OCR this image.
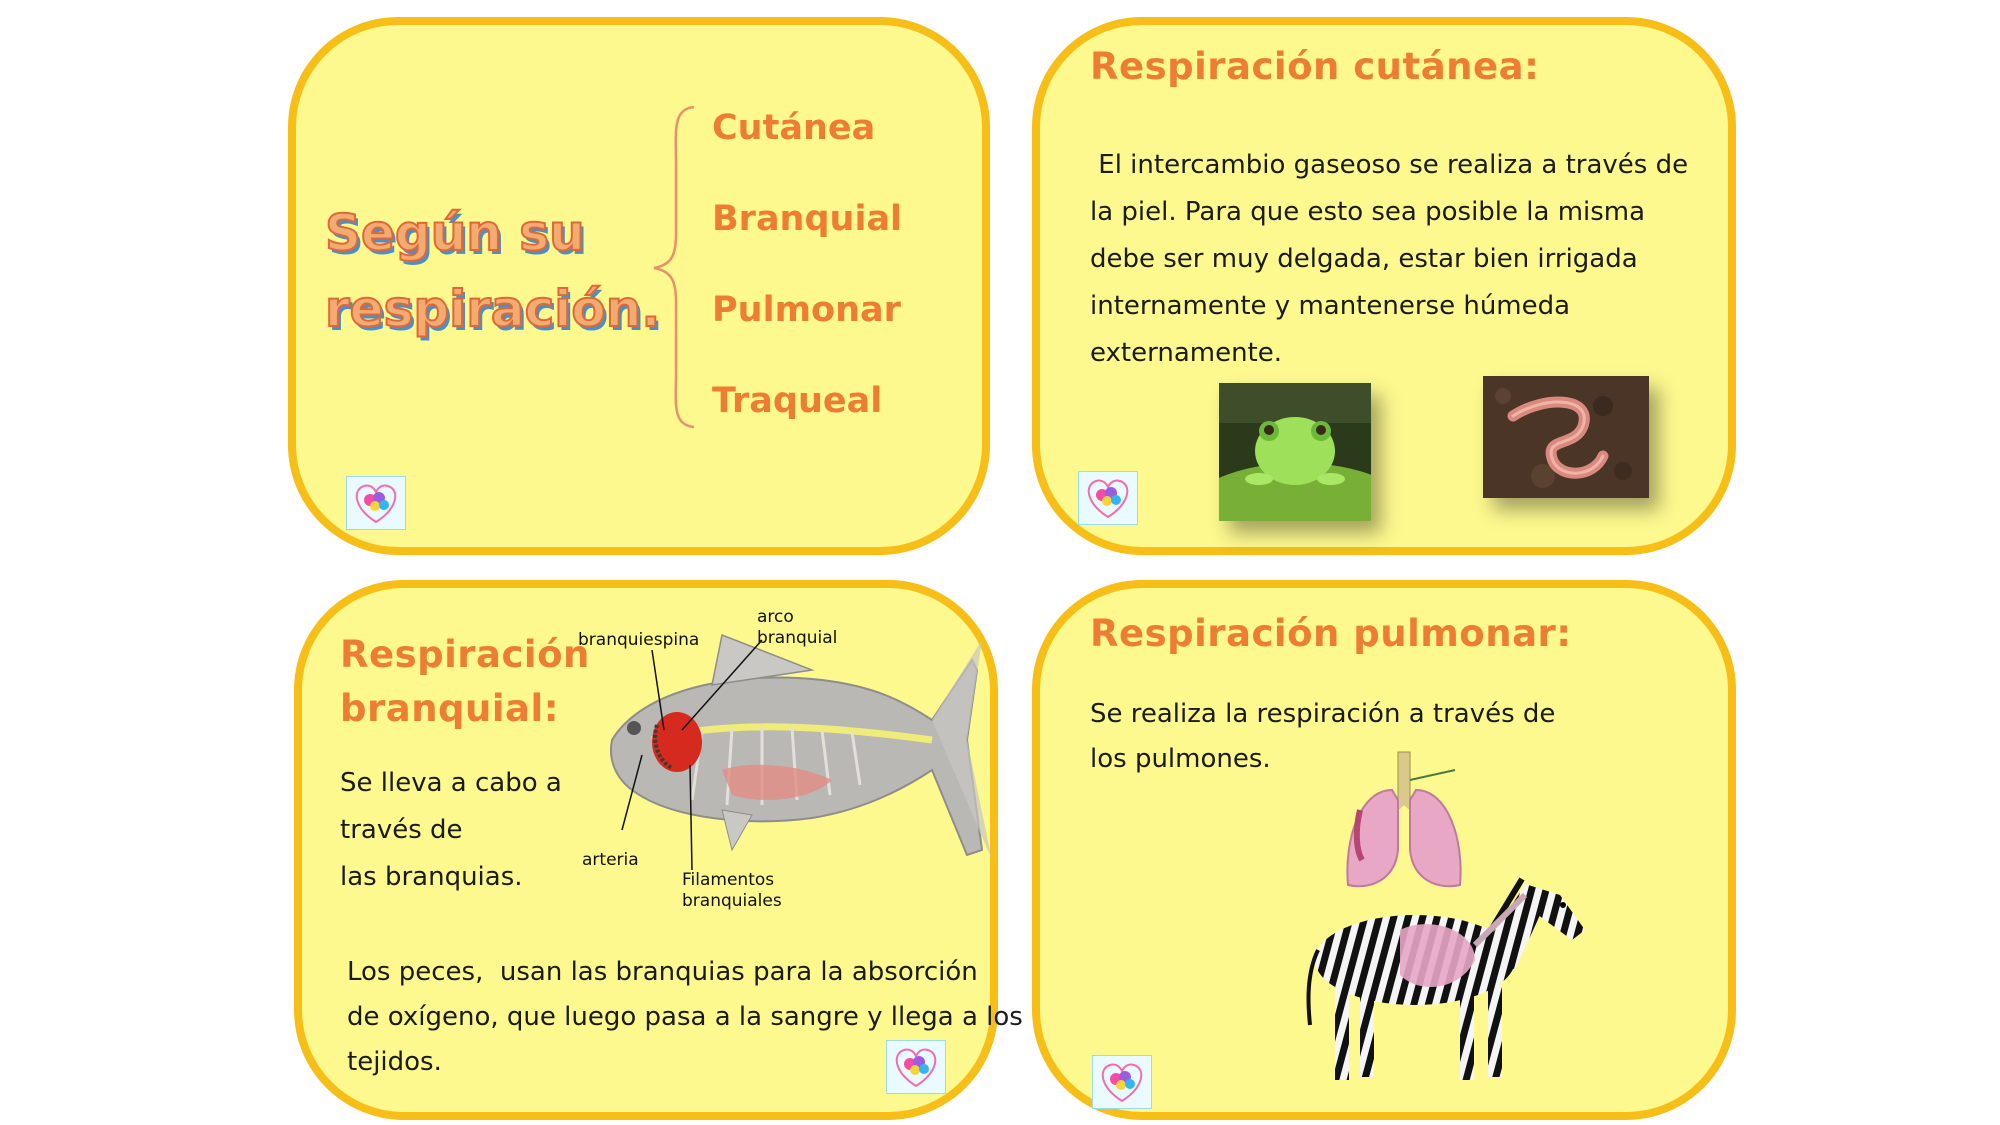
Según su
respiración.

Cutánea

Branquial

Pulmonar

Traqueal

Respiración cutánea:
El intercambio gaseoso se realiza a través de
la piel. Para que esto sea posible la misma
debe ser muy delgada, estar bien irrigada
internamente y mantenerse húmeda
externamente.
Respiración
branquial:
Se lleva a cabo a
través de
las branquias.
branquiespina
arco
branquial
arteria
Filamentos
branquiales
Los peces,  usan las branquias para la absorción
de oxígeno, que luego pasa a la sangre y llega a los
tejidos.
Respiración pulmonar:
Se realiza la respiración a través de
los pulmones.
